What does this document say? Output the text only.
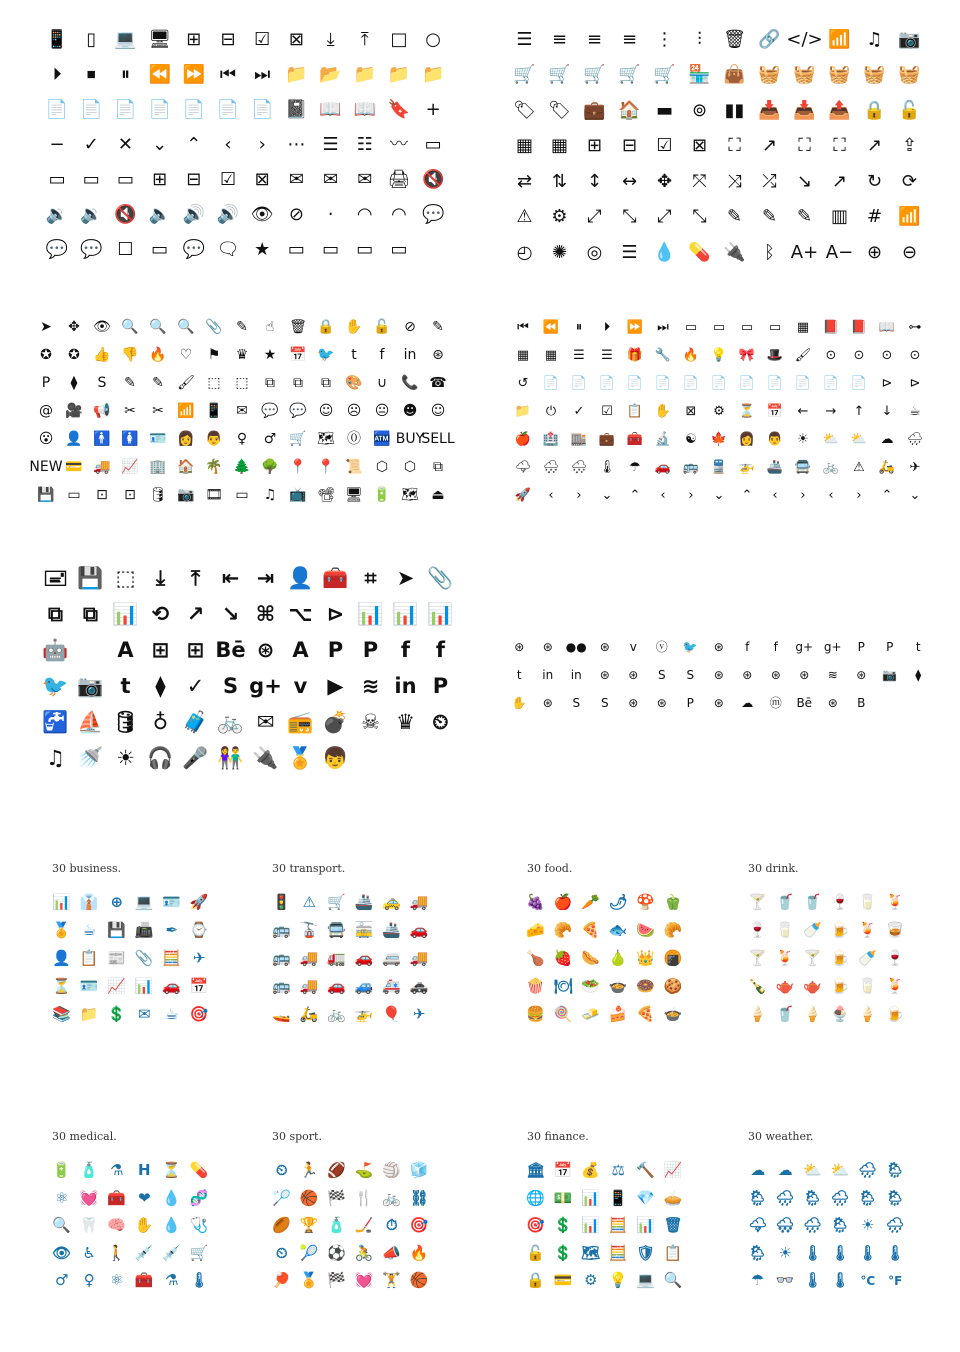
📱	▯	💻 🖥 ⊞	⊟	☑	⊠	⤓	⤒	□ ○
⏵	⏹	⏸	⏪ ⏩ ⏮ ⏭ 📁 📂 📁 📁 📁
📄 📄 📄 📄 📄 📄 📄 📓 📖 📖 🔖 +
−	✓	✕	⌄	⌃	‹	›	⋯ ☰	☷ 〰 ▭
▭ ▭ ▭	⊞	⊟	☑	⊠	✉	✉	✉ 🖨 🔇
🔉 🔉 🔇 🔈 🔊 🔊 👁 ⊘	⋅	◠	◠ 💬
💬 💬 ☐ ▭ 💬 🗨 ★ ▭ ▭ ▭ ▭
☰	≡	≡	≡	⋮	⫶	🗑 🔗 </> 📶 ♫ 📷
🛒 🛒 🛒 🛒 🛒 🏪 👜 🧺 🧺 🧺 🧺 🧺
🏷 🏷 💼 🏠 ▬	⊚ ▮▮ 📥 📥 📤 🔒 🔓
▦ ▦	⊞	⊟	☑	⊠	⛶	↗	⛶	⛶	↗	⇪
⇄	⇅	↕	↔	✥	⤧	⤨	⤮	↘	↗	↻	⟳
⚠	⚙	⤢	⤡	⤢	⤡	✎	✎	✎	▥	# 📶
◴	✺	◎	☰ 💧 💊 🔌	ᛒ A+ A− ⊕	⊖
➤	✥ 👁 🔍 🔍 🔍 📎 ✎	☝	🗑 🔒 ✋ 🔓 ⊘	✎
✪	✪ 👍 👎 🔥 ♡	⚑	♛	★ 📅 🐦	t	f	in	⊛
P	⧫	S	✎	✎ 🖌 ⬚	⬚	⧉	⧉	⧉	🎨	∪	📞 ☎
@ 🎥 📢 ✂	✂ 📶 📱 ✉ 💬 💬 ☺ ☹ 😐 ☻ ☺
😮 👤 🚹 🚺 🪪 👩 👨	♀	♂ 🛒 🗺 ⓪ 🏧 BUY
SELL
NEW 💳 🚚 📈 🏢 🏠 🌴 🌲 🌳 📍 📍 📜 ⬡	⬡	⧉
💾 ▭	⊡	⊡ 🛢 📷 🎞 ▭	♫ 📺 📽 🖥 🔋 🗺 ⏏
⏮	⏪	⏸	⏵	⏩	⏭	▭	▭	▭	▭	▦	📕 📕 📖	⊶
▦	▦	☰	☰	🎁 🔧 🔥 💡 🎀 🎩 🖌	⊙	⊙	⊙	⊙
↺	📄 📄 📄 📄 📄 📄 📄 📄 📄 📄 📄 📄	⊳	⊳
📁	⏻	✓	☑	📋 ✋	⊠	⚙	⏳ 📅	←	→	↑	↓	☕
🍎 🏥 🏬 💼 🧰 🔬	☯	🍁 👩 👨	☀	⛅ ⛅	☁	🌧
🌩 🌨 🌨 🌡	☂	🚗 🚌 🚆 🚁 🚢 🚍 🚲	⚠	🛵	✈
🚀	‹	›	⌄	⌃	‹	›	⌄	⌃	‹	›	‹	›	⌃	⌄
🖃 💾 ⬚ ⤓	⤒	⇤ ⇥ 👤 🧰 ⌗ ➤ 📎
⧉ ⧉ 📊 ⟲ ↗ ↘ ⌘ ⌥ ⊳ 📊 📊 📊
🤖	A ⊞ ⊞ Bē ⊛ A P P	f	f
🐦 📷 t	⧫	✓ S g+ v ▶ ≋ in P
🚰 ⛵ 🛢 ♁ 🧳 🚲 ✉ 📻 💣 ☠ ♛ ⏲
♫ 🚿 ☀ 🎧 🎤 👫 🔌 🏅 👦
⊛	⊛	●●	⊛	v	ⓥ	🐦	⊛	f	f	g+ g+	P	P	t
t	in	in	⊛	⊛	S	S	⊛	⊛	⊛	⊛	≋	⊛	📷	⧫
✋	⊛	S	S	⊛	⊛	P	⊛	☁	ⓜ	Bē	⊛	B
30 business.
📊 👔 ⊕ 💻 🪪 🚀
🏅 ☕ 💾 📠 ✒ ⌚
👤 📋 📰 📎 🧮 ✈
⏳ 🪪 📈 📊 🚗 📅
📚 📁 💲 ✉ ☕ 🎯
30 transport.
🚦 ⚠ 🛒 🚢 🚕 🚚
🚌 🚡 🚍 🚋 🚢 🚗
🚌 🚚 🚛 🚗 🚐 🚚
🚌 🚚 🚗 🚙 🚑 🚓
🚤 🛵 🚲 🚁 🎈 ✈
30 food.
🍇 🍎 🥕 🌶 🍄 🫑
🧀 🥐 🍕 🐟 🍉 🥐
🍗 🍓 🌭 🍐 👑 🍘
🍿 🍽 🥗 🍲 🍩 🍪
🍔 🍭 🧈 🍰 🍕 🍲
30 drink.
🍸 🥤 🥤 🍷 🥛 🍹
🍷 🥛 🍼 🍺 🍹 🥃
🍸 🍹 🍸 🍺 🍼 🍷
🍾 🫖 🫖 🍺 🥛 🍹
🍦 🥤 🍦 🍨 🍦 🍺
30 medical.
🔋 🧴 ⚗ H ⏳ 💊
⚛ 💓 🧰 ❤ 💧 🧬
🔍 🦷 🧠 ✋ 💧 🩺
👁 ♿ 🚶 💉 💉 🛒
♂	♀	⚛ 🧰 ⚗ 🌡
30 sport.
⏲ 🏃 🏈 ⛳ 🏐 🧊
🏸 🏀 🏁 🍴 🚲 ⛓
🏉 🏆 🧴 🏒 ⏱ 🎯
⏲ 🎾 ⚽ 🚴 📣 🔥
🏓 🏅 🏁 💓 🏋 🏀
30 finance.
🏛 📅 💰 ⚖ 🔨 📈
🌐 💵 📊 📱 💎 🥧
🎯 💲 📊 🧮 📊 🗑
🔓 💲 🗺 🧮 🛡 📋
🔒 💳 ⚙ 💡 💻 🔍
30 weather.
☁ ☁ ⛅ ⛅ 🌧 🌦
🌦 🌧 🌦 🌧 🌦 🌦
🌩 🌨 🌧 🌦 ☀ 🌧
🌦 ☀ 🌡 🌡 🌡 🌡
☂ 👓 🌡 🌡 °C	°F
